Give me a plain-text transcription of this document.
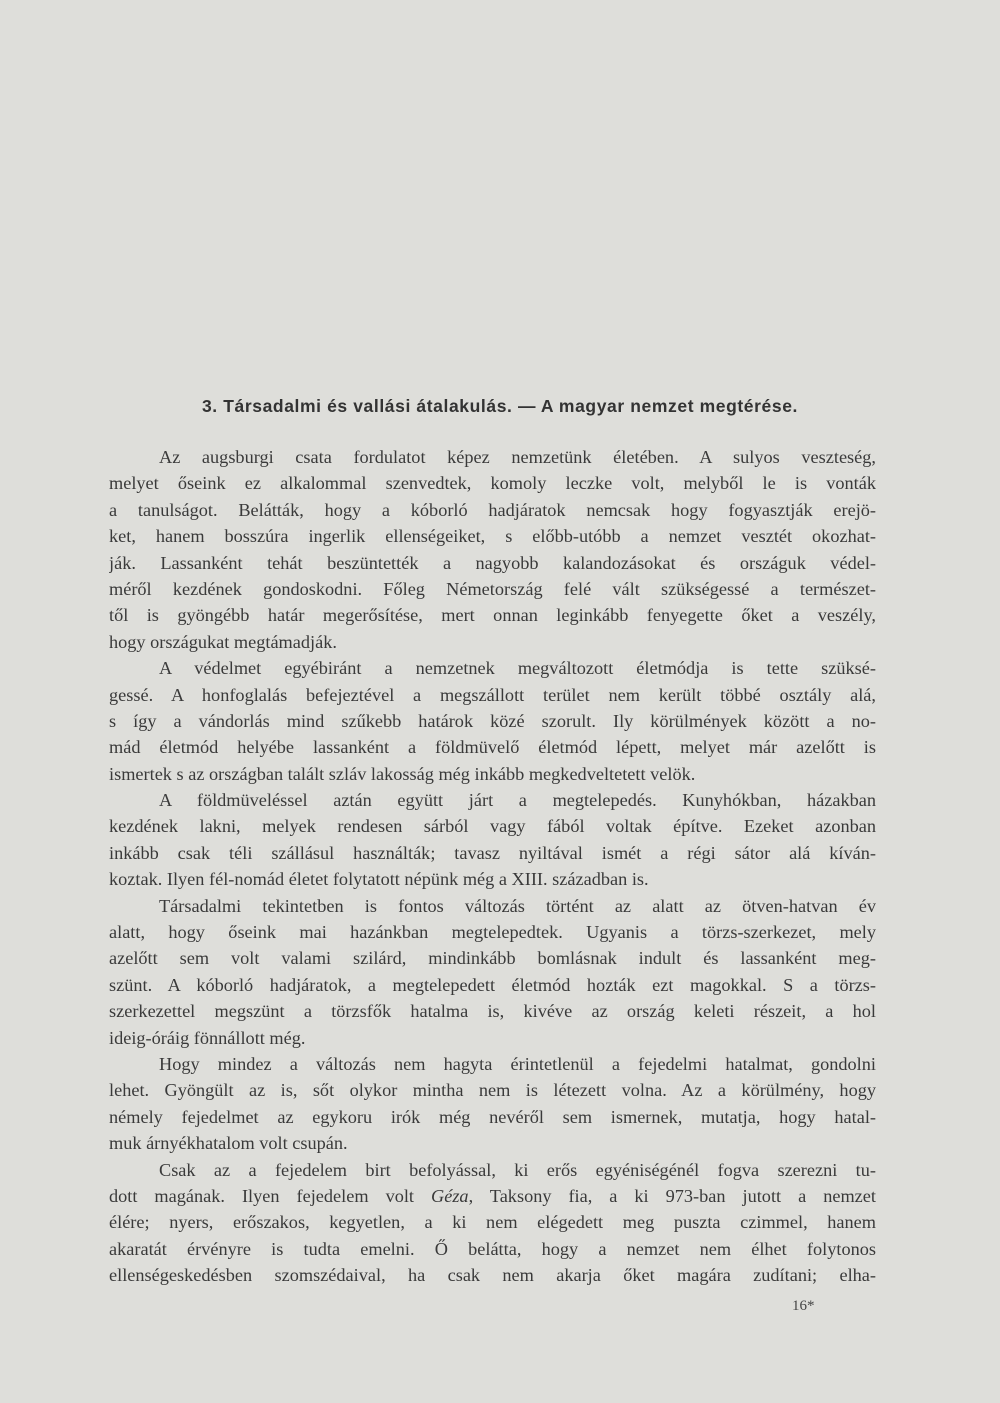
3. Társadalmi és vallási átalakulás. — A magyar nemzet megtérése.
Az augsburgi csata fordulatot képez nemzetünk életében. A sulyos veszteség,
melyet őseink ez alkalommal szenvedtek, komoly leczke volt, melyből le is vonták
a tanulságot. Belátták, hogy a kóborló hadjáratok nemcsak hogy fogyasztják erejö-
ket, hanem bosszúra ingerlik ellenségeiket, s előbb-utóbb a nemzet vesztét okozhat-
ják. Lassanként tehát beszüntették a nagyobb kalandozásokat és országuk védel-
méről kezdének gondoskodni. Főleg Németország felé vált szükségessé a természet-
től is gyöngébb határ megerősítése, mert onnan leginkább fenyegette őket a veszély,
hogy országukat megtámadják.
A védelmet egyébiránt a nemzetnek megváltozott életmódja is tette szüksé-
gessé. A honfoglalás befejeztével a megszállott terület nem került többé osztály alá,
s így a vándorlás mind szűkebb határok közé szorult. Ily körülmények között a no-
mád életmód helyébe lassanként a földmüvelő életmód lépett, melyet már azelőtt is
ismertek s az országban talált szláv lakosság még inkább megkedveltetett velök.
A földmüveléssel aztán együtt járt a megtelepedés. Kunyhókban, házakban
kezdének lakni, melyek rendesen sárból vagy fából voltak építve. Ezeket azonban
inkább csak téli szállásul használták; tavasz nyiltával ismét a régi sátor alá kíván-
koztak. Ilyen fél-nomád életet folytatott népünk még a XIII. században is.
Társadalmi tekintetben is fontos változás történt az alatt az ötven-hatvan év
alatt, hogy őseink mai hazánkban megtelepedtek. Ugyanis a törzs-szerkezet, mely
azelőtt sem volt valami szilárd, mindinkább bomlásnak indult és lassanként meg-
szünt. A kóborló hadjáratok, a megtelepedett életmód hozták ezt magokkal. S a törzs-
szerkezettel megszünt a törzsfők hatalma is, kivéve az ország keleti részeit, a hol
ideig-óráig fönnállott még.
Hogy mindez a változás nem hagyta érintetlenül a fejedelmi hatalmat, gondolni
lehet. Gyöngült az is, sőt olykor mintha nem is létezett volna. Az a körülmény, hogy
némely fejedelmet az egykoru irók még nevéről sem ismernek, mutatja, hogy hatal-
muk árnyékhatalom volt csupán.
Csak az a fejedelem birt befolyással, ki erős egyéniségénél fogva szerezni tu-
dott magának. Ilyen fejedelem volt Géza, Taksony fia, a ki 973-ban jutott a nemzet
élére; nyers, erőszakos, kegyetlen, a ki nem elégedett meg puszta czimmel, hanem
akaratát érvényre is tudta emelni. Ő belátta, hogy a nemzet nem élhet folytonos
ellenségeskedésben szomszédaival, ha csak nem akarja őket magára zudítani; elha-
16*
